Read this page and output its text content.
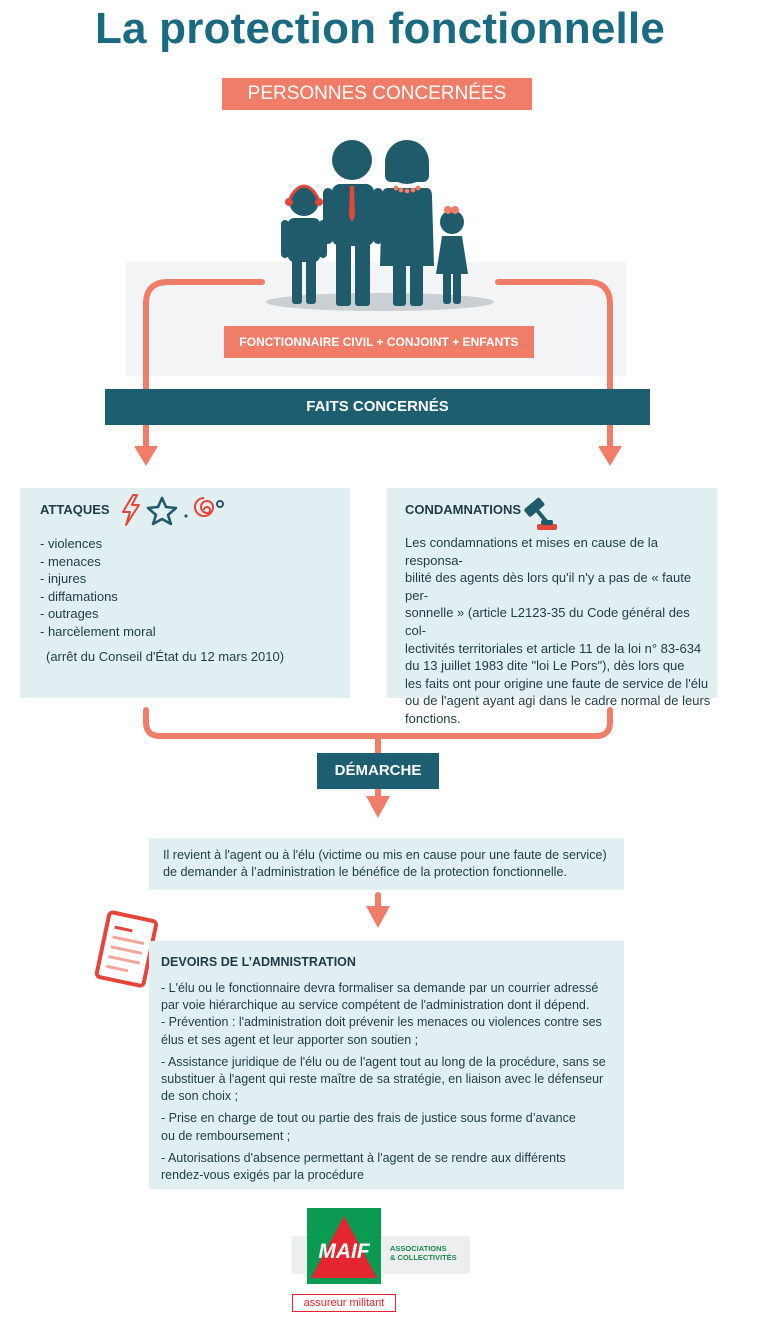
La protection fonctionnelle
PERSONNES CONCERNÉES
FONCTIONNAIRE CIVIL + CONJOINT + ENFANTS
FAITS CONCERNÉS
ATTAQUES
- violences
- menaces
- injures
- diffamations
- outrages
- harcèlement moral
(arrêt du Conseil d'État du 12 mars 2010)
CONDAMNATIONS
Les condamnations et mises en cause de la responsa-
bilité des agents dès lors qu'il n'y a pas de « faute per-
sonnelle » (article L2123-35 du Code général des col-
lectivités territoriales et article 11 de la loi n° 83-634
du 13 juillet 1983 dite "loi Le Pors"), dès lors que
les faits ont pour origine une faute de service de l'élu
ou de l'agent ayant agi dans le cadre normal de leurs
fonctions.
DÉMARCHE
Il revient à l'agent ou à l'élu (victime ou mis en cause pour une faute de service)
de demander à l’administration le bénéfice de la protection fonctionnelle.
DEVOIRS DE L’ADMNISTRATION
- L'élu ou le fonctionnaire devra formaliser sa demande par un courrier adressé
par voie hiérarchique au service compétent de l'administration dont il dépend.
- Prévention : l'administration doit prévenir les menaces ou violences contre ses
élus et ses agent et leur apporter son soutien ;
- Assistance juridique de l'élu ou de l'agent tout au long de la procédure, sans se
substituer à l'agent qui reste maître de sa stratégie, en liaison avec le défenseur
de son choix ;
- Prise en charge de tout ou partie des frais de justice sous forme d’avance
ou de remboursement ;
- Autorisations d'absence permettant à l'agent de se rendre aux différents
rendez-vous exigés par la procédure
MAIF	ASSOCIATIONS
& COLLECTIVITÉS
assureur militant
